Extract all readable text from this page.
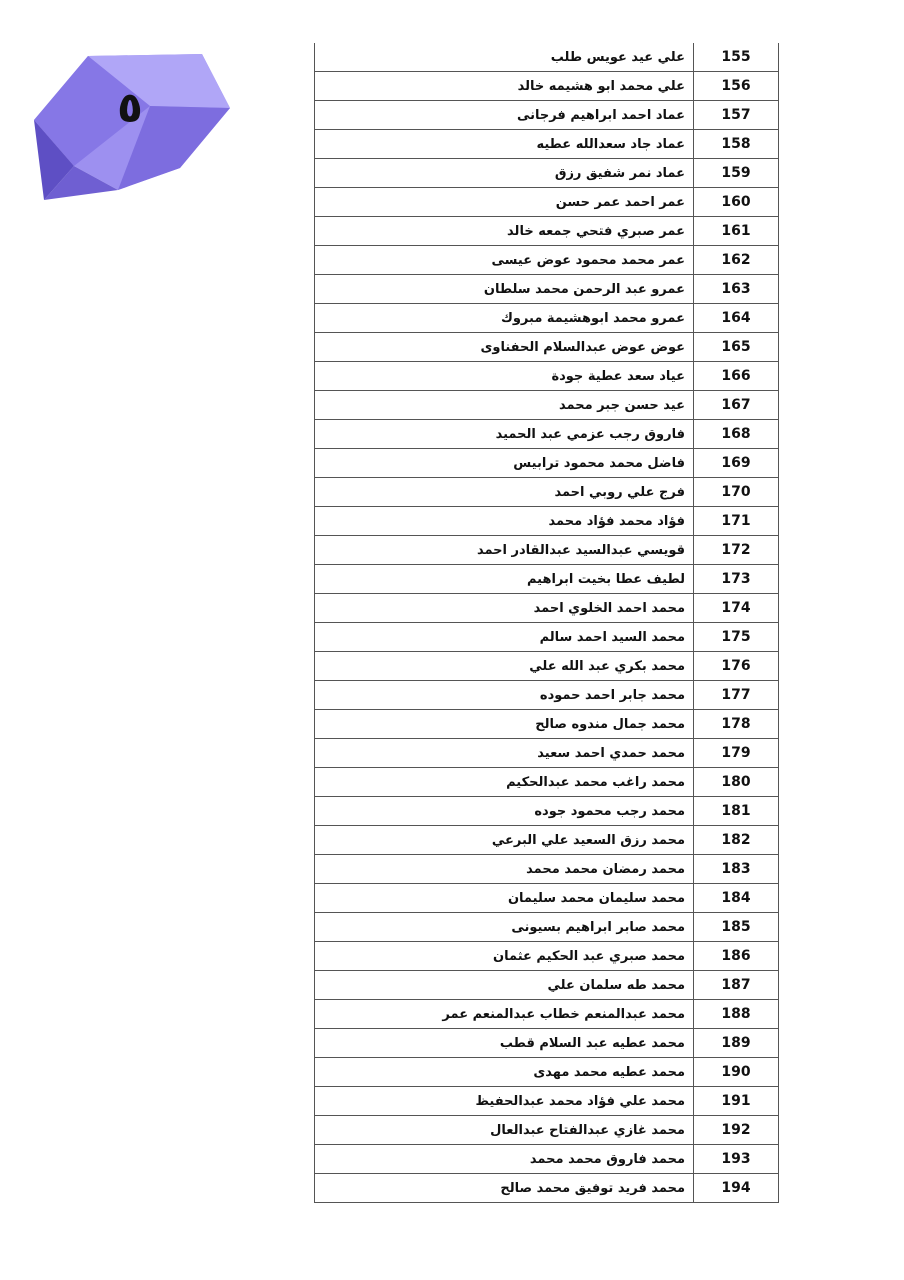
٥
علي عيد عويس طلب	155
علي محمد ابو هشيمه خالد	156
عماد احمد ابراهيم فرجانى	157
عماد جاد سعدالله عطيه	158
عماد نمر شفيق رزق	159
عمر احمد عمر حسن	160
عمر صبري فتحي جمعه خالد	161
عمر محمد محمود عوض عيسى	162
عمرو عبد الرحمن محمد سلطان	163
عمرو محمد ابوهشيمة مبروك	164
عوض عوض عبدالسلام الحفناوى	165
عياد سعد عطية جودة	166
عيد حسن جبر محمد	167
فاروق رجب عزمي عبد الحميد	168
فاضل محمد محمود ترابيس	169
فرج علي روبي احمد	170
فؤاد محمد فؤاد محمد	171
قويسي عبدالسيد عبدالقادر احمد	172
لطيف عطا بخيت ابراهيم	173
محمد احمد الخلوي احمد	174
محمد السيد احمد سالم	175
محمد بكري عبد الله علي	176
محمد جابر احمد حموده	177
محمد جمال مندوه صالح	178
محمد حمدي احمد سعيد	179
محمد راغب محمد عبدالحكيم	180
محمد رجب محمود جوده	181
محمد رزق السعيد علي البرعي	182
محمد رمضان محمد محمد	183
محمد سليمان محمد سليمان	184
محمد صابر ابراهيم بسيونى	185
محمد صبري عبد الحكيم عثمان	186
محمد طه سلمان علي	187
محمد عبدالمنعم خطاب عبدالمنعم عمر	188
محمد عطيه عبد السلام قطب	189
محمد عطيه محمد مهدى	190
محمد علي فؤاد محمد عبدالحفيظ	191
محمد غازي عبدالفتاح عبدالعال	192
محمد فاروق محمد محمد	193
محمد فريد توفيق محمد صالح	194
